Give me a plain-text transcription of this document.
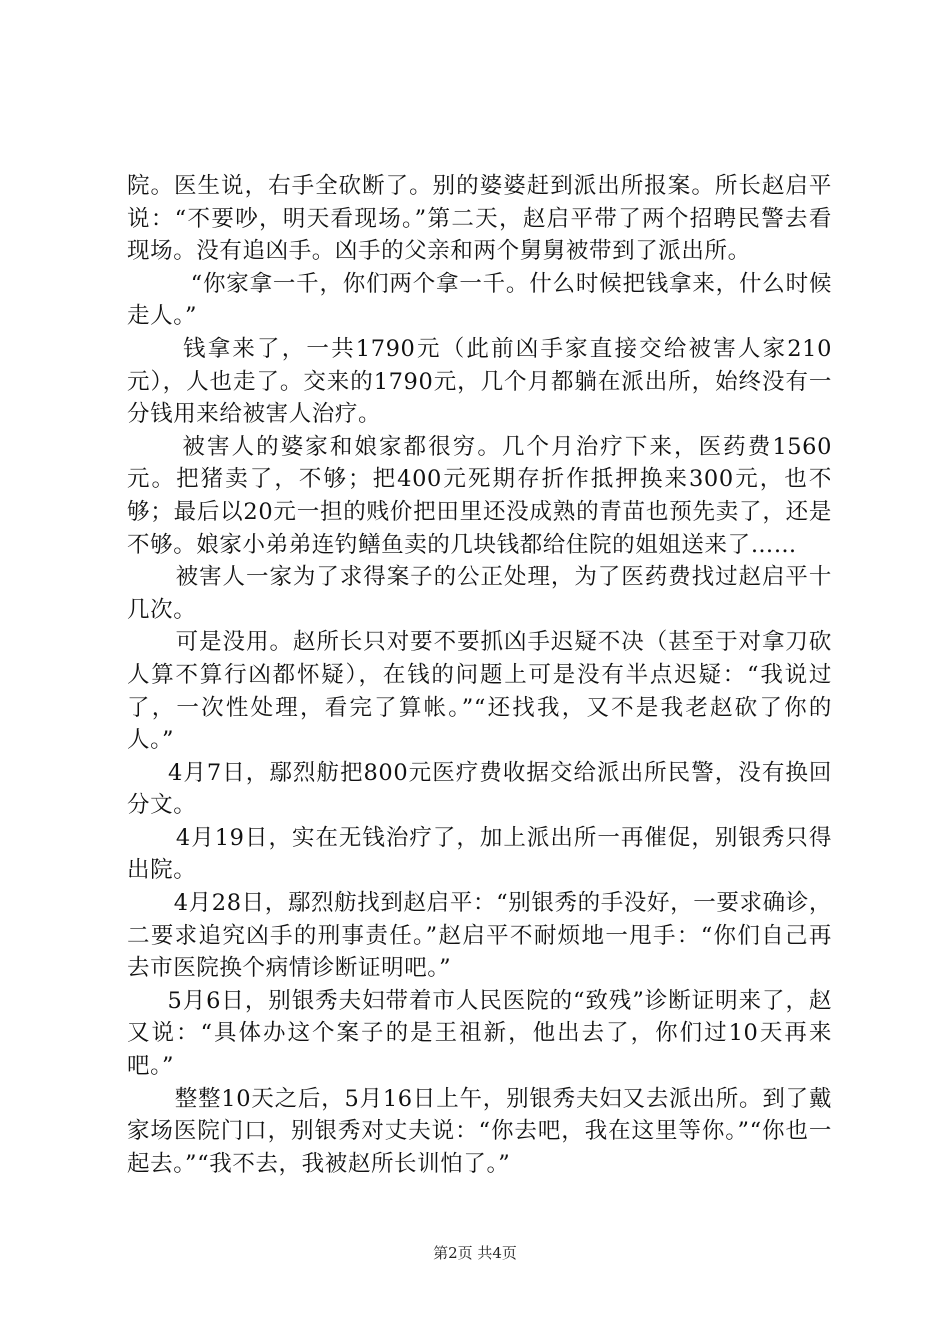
院。医生说，右手全砍断了。别的婆婆赶到派出所报案。所长赵启平说：“不要吵，明天看现场。”第二天，赵启平带了两个招聘民警去看现场。没有追凶手。凶手的父亲和两个舅舅被带到了派出所。

“你家拿一千，你们两个拿一千。什么时候把钱拿来，什么时候走人。”

钱拿来了，一共1790元（此前凶手家直接交给被害人家210元），人也走了。交来的1790元，几个月都躺在派出所，始终没有一分钱用来给被害人治疗。

被害人的婆家和娘家都很穷。几个月治疗下来，医药费1560元。把猪卖了，不够；把400元死期存折作抵押换来300元，也不够；最后以20元一担的贱价把田里还没成熟的青苗也预先卖了，还是不够。娘家小弟弟连钓鳝鱼卖的几块钱都给住院的姐姐送来了……

被害人一家为了求得案子的公正处理，为了医药费找过赵启平十几次。

可是没用。赵所长只对要不要抓凶手迟疑不决（甚至于对拿刀砍人算不算行凶都怀疑），在钱的问题上可是没有半点迟疑：“我说过了，一次性处理，看完了算帐。”“还找我，又不是我老赵砍了你的人。”

4月7日，鄢烈舫把800元医疗费收据交给派出所民警，没有换回分文。

4月19日，实在无钱治疗了，加上派出所一再催促，别银秀只得出院。

4月28日，鄢烈舫找到赵启平：“别银秀的手没好，一要求确诊，二要求追究凶手的刑事责任。”赵启平不耐烦地一甩手：“你们自己再去市医院换个病情诊断证明吧。”

5月6日，别银秀夫妇带着市人民医院的“致残”诊断证明来了，赵又说：“具体办这个案子的是王祖新，他出去了，你们过10天再来吧。”

整整10天之后，5月16日上午，别银秀夫妇又去派出所。到了戴家场医院门口，别银秀对丈夫说：“你去吧，我在这里等你。”“你也一起去。”“我不去，我被赵所长训怕了。”

第2页 共4页
